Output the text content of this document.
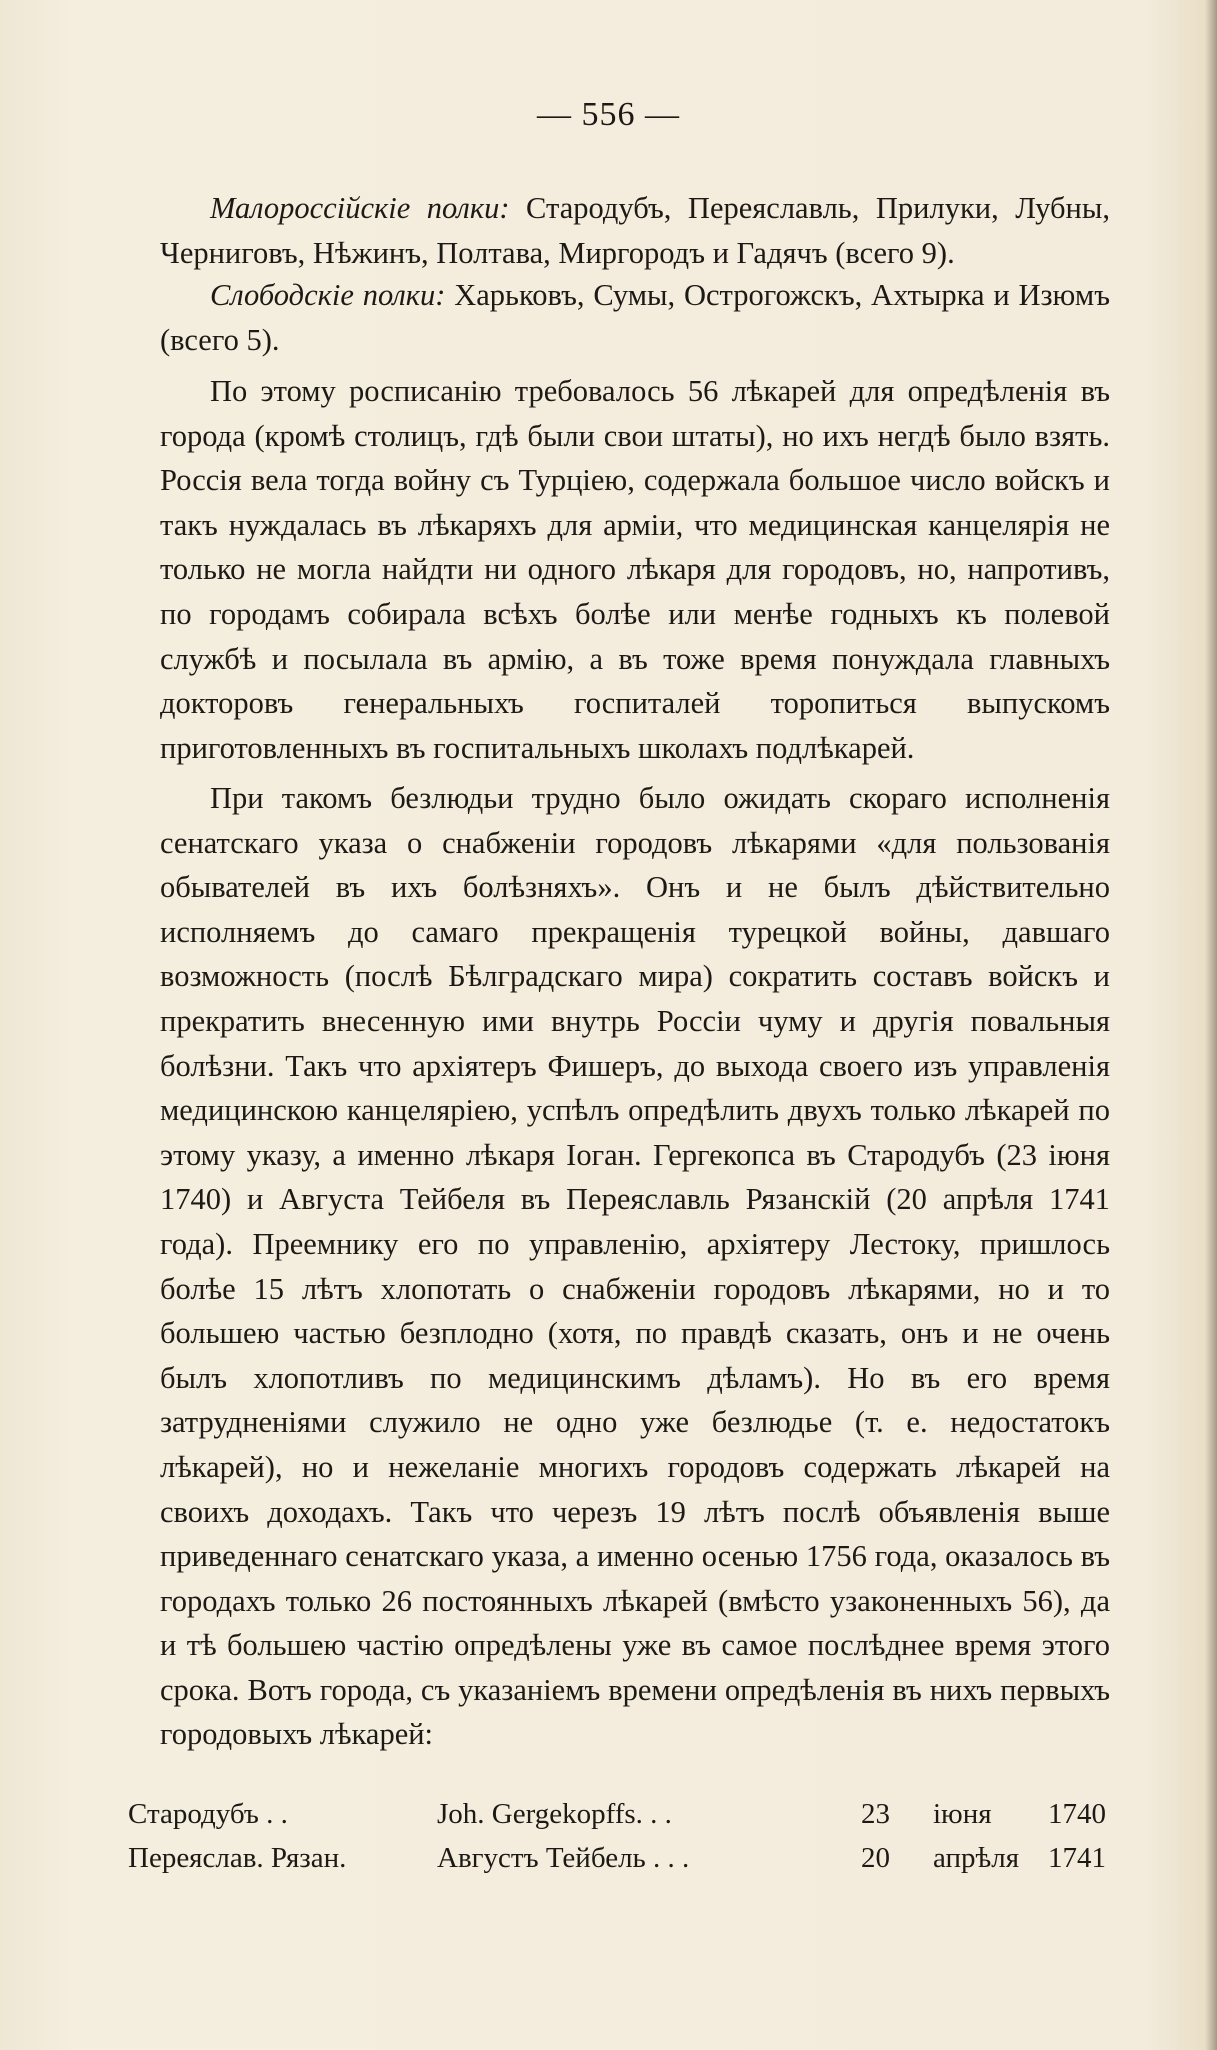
— 556 —

Малороссійскіе полки: Стародубъ, Переяславль, Прилуки, Лубны, Черниговъ, Нѣжинъ, Полтава, Миргородъ и Гадячъ (всего 9).

Слободскіе полки: Харьковъ, Сумы, Острогожскъ, Ахтырка и Изюмъ (всего 5).

По этому росписанію требовалось 56 лѣкарей для опредѣленія въ города (кромѣ столицъ, гдѣ были свои штаты), но ихъ негдѣ было взять. Россія вела тогда войну съ Турціею, содержала большое число войскъ и такъ нуждалась въ лѣкаряхъ для арміи, что медицинская канцелярія не только не могла найдти ни одного лѣкаря для городовъ, но, напротивъ, по городамъ собирала всѣхъ болѣе или менѣе годныхъ къ полевой службѣ и посылала въ армію, а въ тоже время понуждала главныхъ докторовъ генеральныхъ госпиталей торопиться выпускомъ приготовленныхъ въ госпитальныхъ школахъ подлѣкарей.

При такомъ безлюдьи трудно было ожидать скораго исполненія сенатскаго указа о снабженіи городовъ лѣкарями «для пользованія обывателей въ ихъ болѣзняхъ». Онъ и не былъ дѣйствительно исполняемъ до самаго прекращенія турецкой войны, давшаго возможность (послѣ Бѣлградскаго мира) сократить составъ войскъ и прекратить внесенную ими внутрь Россіи чуму и другія повальныя болѣзни. Такъ что архіятеръ Фишеръ, до выхода своего изъ управленія медицинскою канцеляріею, успѣлъ опредѣлить двухъ только лѣкарей по этому указу, а именно лѣкаря Іоган. Гергекопса въ Стародубъ (23 іюня 1740) и Августа Тейбеля въ Переяславль Рязанскій (20 апрѣля 1741 года). Преемнику его по управленію, архіятеру Лестоку, пришлось болѣе 15 лѣтъ хлопотать о снабженіи городовъ лѣкарями, но и то большею частью безплодно (хотя, по правдѣ сказать, онъ и не очень былъ хлопотливъ по медицинскимъ дѣламъ). Но въ его время затрудненіями служило не одно уже безлюдье (т. е. недостатокъ лѣкарей), но и нежеланіе многихъ городовъ содержать лѣкарей на своихъ доходахъ. Такъ что черезъ 19 лѣтъ послѣ объявленія выше приведеннаго сенатскаго указа, а именно осенью 1756 года, оказалось въ городахъ только 26 постоянныхъ лѣкарей (вмѣсто узаконенныхъ 56), да и тѣ большею частію опредѣлены уже въ самое послѣднее время этого срока. Вотъ города, съ указаніемъ времени опредѣленія въ нихъ первыхъ городовыхъ лѣкарей:

Стародубъ . .	Joh. Gergekopffs. . .	23 іюня 1740
Переяслав. Рязан.	Августъ Тейбель . . .	20 апрѣля 1741
